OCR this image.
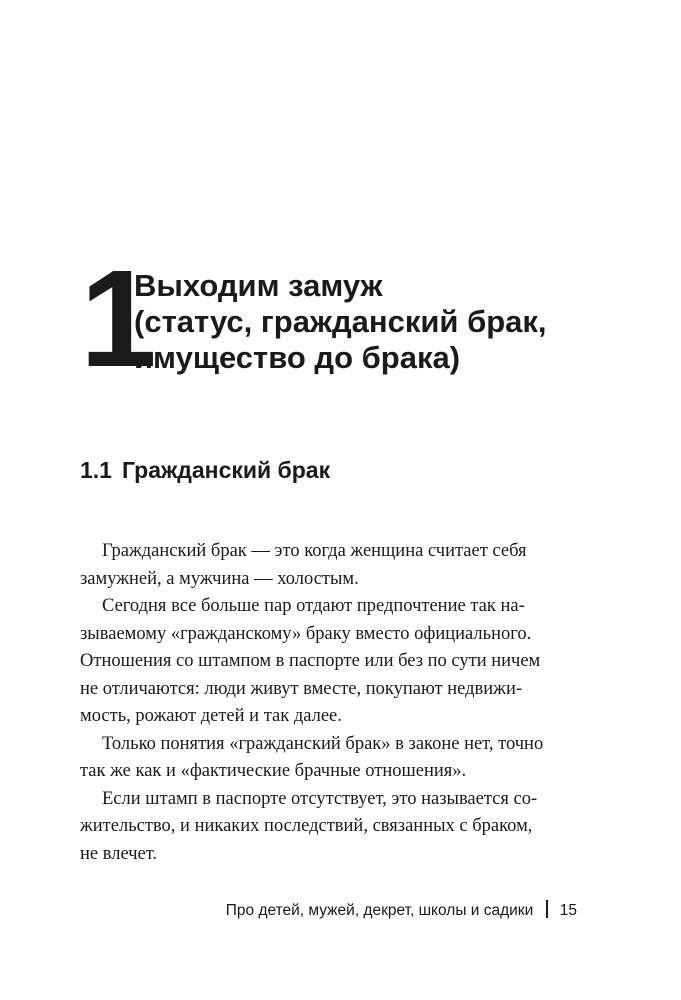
1
Выходим замуж
(статус, гражданский брак,
имущество до брака)
1.1 Гражданский брак
Гражданский брак — это когда женщина считает себя
замужней, а мужчина — холостым.
Сегодня все больше пар отдают предпочтение так на-
зываемому «гражданскому» браку вместо официального.
Отношения со штампом в паспорте или без по сути ничем
не отличаются: люди живут вместе, покупают недвижи-
мость, рожают детей и так далее.
Только понятия «гражданский брак» в законе нет, точно
так же как и «фактические брачные отношения».
Если штамп в паспорте отсутствует, это называется со-
жительство, и никаких последствий, связанных с браком,
не влечет.
Про детей, мужей, декрет, школы и садики 15
